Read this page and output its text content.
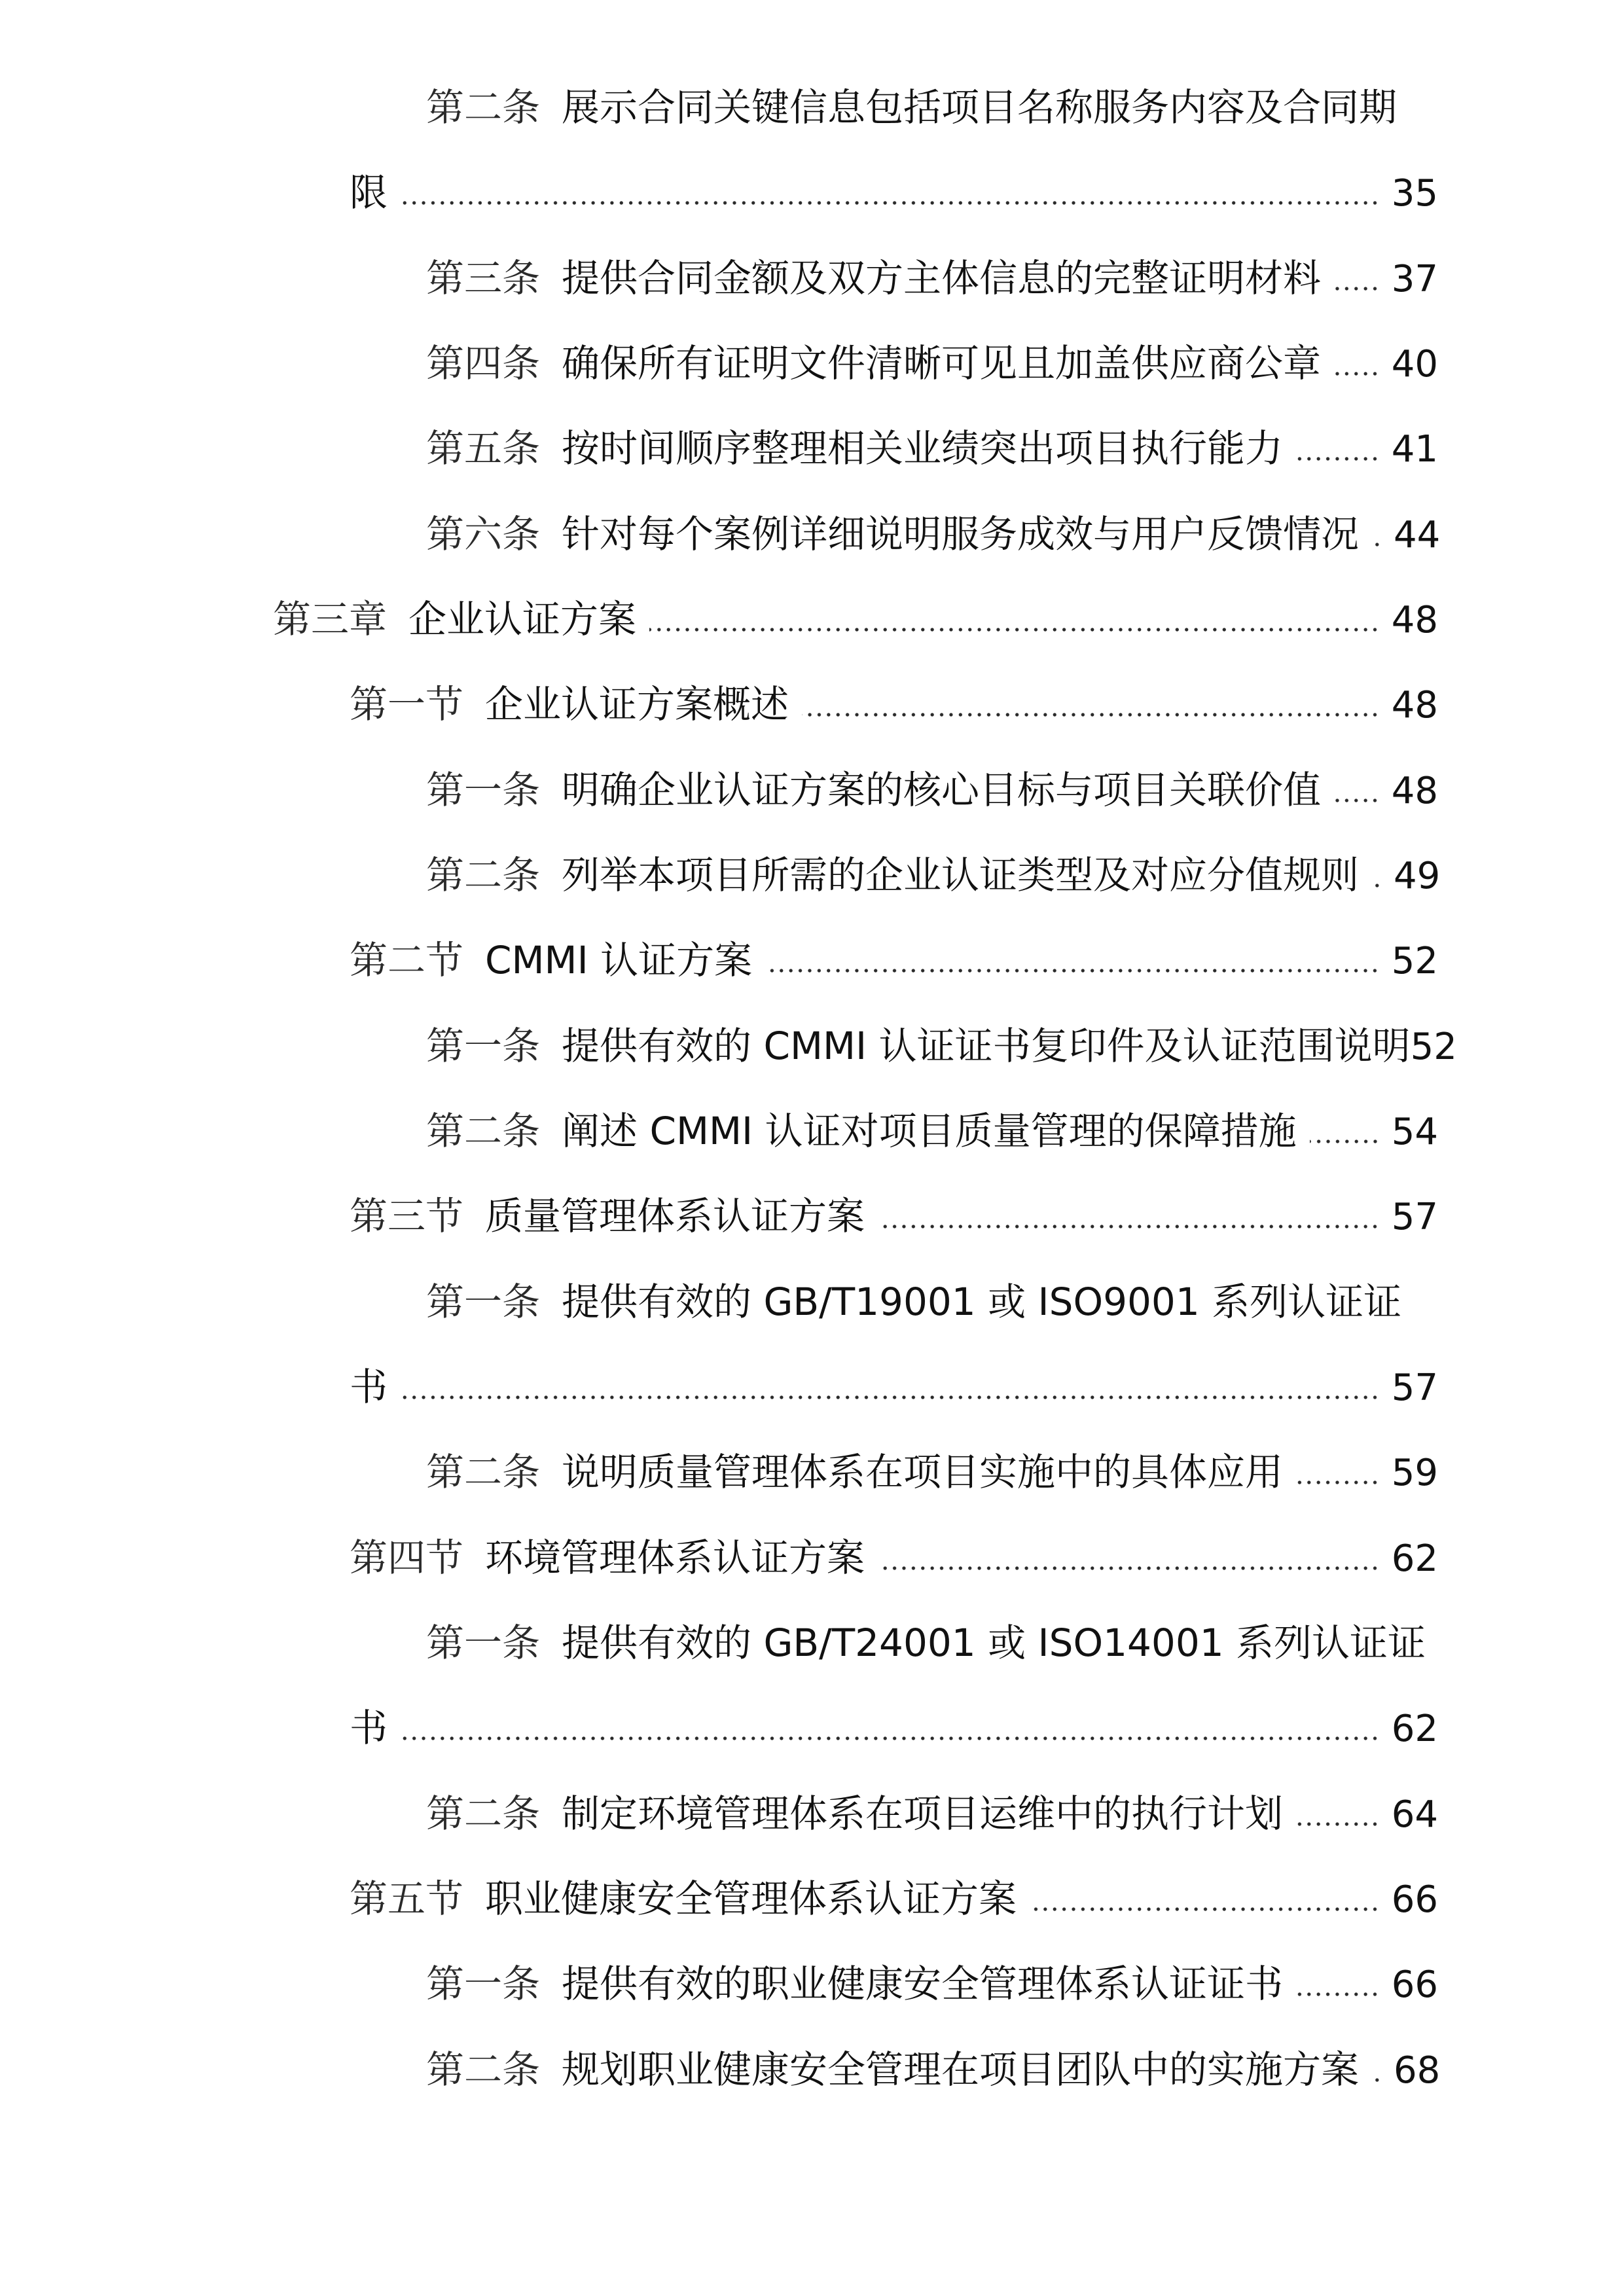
第二条 展示合同关键信息包括项目名称服务内容及合同期
限	35
第三条 提供合同金额及双方主体信息的完整证明材料 37
第四条 确保所有证明文件清晰可见且加盖供应商公章 40
第五条 按时间顺序整理相关业绩突出项目执行能力	41
第六条 针对每个案例详细说明服务成效与用户反馈情况 44
第三章 企业认证方案	48
第一节 企业认证方案概述	48
第一条 明确企业认证方案的核心目标与项目关联价值 48
第二条 列举本项目所需的企业认证类型及对应分值规则 49
第二节 CMMI 认证方案	52
第一条 提供有效的 CMMI 认证证书复印件及认证范围说明 52
第二条 阐述 CMMI 认证对项目质量管理的保障措施	54
第三节 质量管理体系认证方案	57
第一条 提供有效的 GB/T19001 或 ISO9001 系列认证证
书	57
第二条 说明质量管理体系在项目实施中的具体应用	59
第四节 环境管理体系认证方案	62
第一条 提供有效的 GB/T24001 或 ISO14001 系列认证证
书	62
第二条 制定环境管理体系在项目运维中的执行计划	64
第五节 职业健康安全管理体系认证方案	66
第一条 提供有效的职业健康安全管理体系认证证书	66
第二条 规划职业健康安全管理在项目团队中的实施方案 68
